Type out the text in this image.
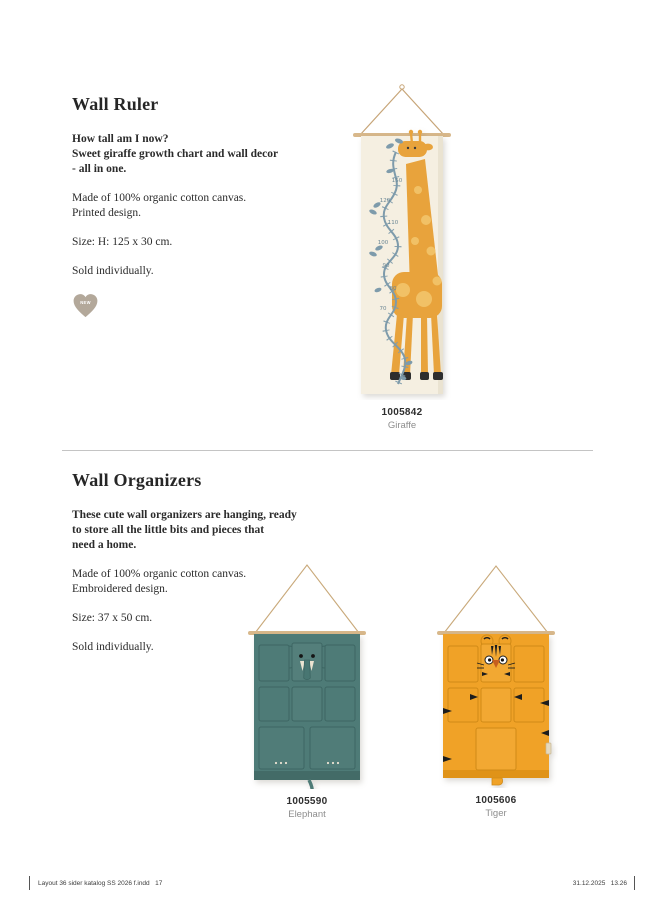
Wall Ruler
How tall am I now?
Sweet giraffe growth chart and wall decor
- all in one.
Made of 100% organic cotton canvas.
Printed design.
Size: H: 125 x 30 cm.
Sold individually.
NEW
150
120
110
100
90
80
70
1005842
Giraffe
Wall Organizers
These cute wall organizers are hanging, ready
to store all the little bits and pieces that
need a home.
Made of 100% organic cotton canvas.
Embroidered design.
Size: 37 x 50 cm.
Sold individually.
1005590
Elephant
1005606
Tiger
Layout 36 sider katalog SS 2026 f.indd   17	31.12.2025   13.26
